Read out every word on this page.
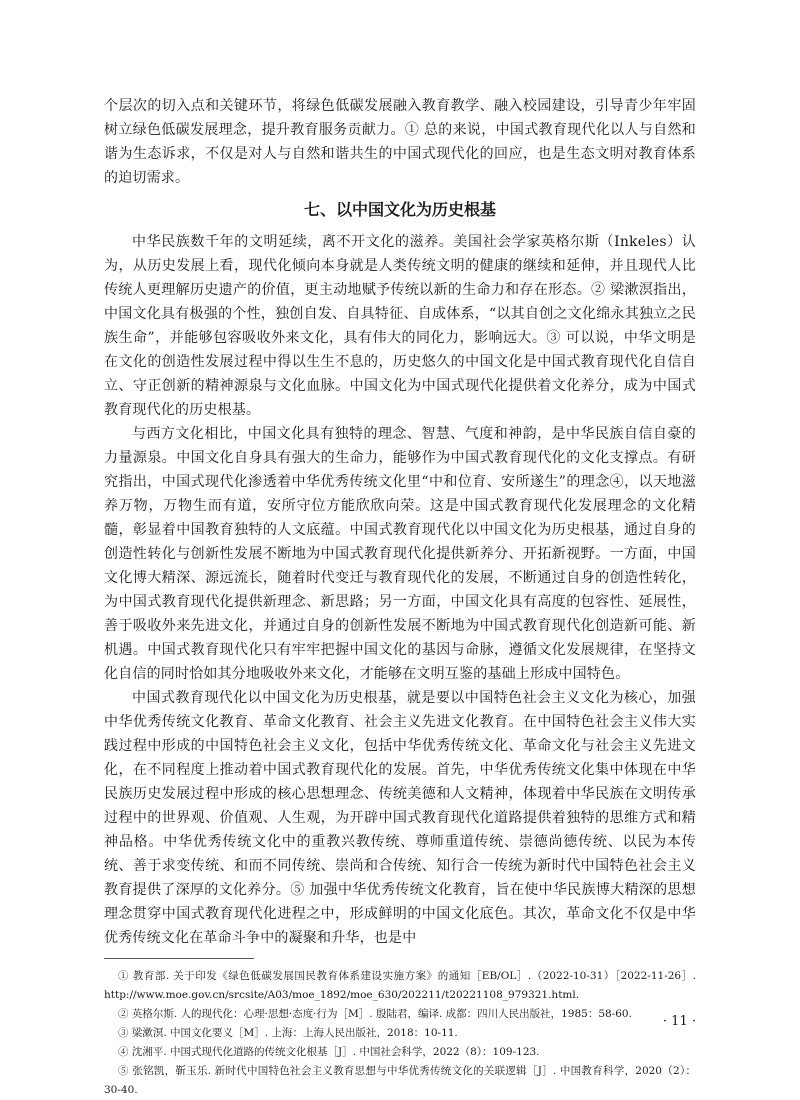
个层次的切入点和关键环节，将绿色低碳发展融入教育教学、融入校园建设，引导青少年牢固树立绿色低碳发展理念，提升教育服务贡献力。① 总的来说，中国式教育现代化以人与自然和谐为生态诉求，不仅是对人与自然和谐共生的中国式现代化的回应，也是生态文明对教育体系的迫切需求。

七、以中国文化为历史根基

中华民族数千年的文明延续，离不开文化的滋养。美国社会学家英格尔斯（Inkeles）认为，从历史发展上看，现代化倾向本身就是人类传统文明的健康的继续和延伸，并且现代人比传统人更理解历史遗产的价值，更主动地赋予传统以新的生命力和存在形态。② 梁漱溟指出，中国文化具有极强的个性，独创自发、自具特征、自成体系，“以其自创之文化绵永其独立之民族生命”，并能够包容吸收外来文化，具有伟大的同化力，影响远大。③ 可以说，中华文明是在文化的创造性发展过程中得以生生不息的，历史悠久的中国文化是中国式教育现代化自信自立、守正创新的精神源泉与文化血脉。中国文化为中国式现代化提供着文化养分，成为中国式教育现代化的历史根基。

与西方文化相比，中国文化具有独特的理念、智慧、气度和神韵，是中华民族自信自豪的力量源泉。中国文化自身具有强大的生命力，能够作为中国式教育现代化的文化支撑点。有研究指出，中国式现代化渗透着中华优秀传统文化里“中和位育、安所遂生”的理念④，以天地滋养万物，万物生而有道，安所守位方能欣欣向荣。这是中国式教育现代化发展理念的文化精髓，彰显着中国教育独特的人文底蕴。中国式教育现代化以中国文化为历史根基，通过自身的创造性转化与创新性发展不断地为中国式教育现代化提供新养分、开拓新视野。一方面，中国文化博大精深、源远流长，随着时代变迁与教育现代化的发展，不断通过自身的创造性转化，为中国式教育现代化提供新理念、新思路；另一方面，中国文化具有高度的包容性、延展性，善于吸收外来先进文化，并通过自身的创新性发展不断地为中国式教育现代化创造新可能、新机遇。中国式教育现代化只有牢牢把握中国文化的基因与命脉，遵循文化发展规律，在坚持文化自信的同时恰如其分地吸收外来文化，才能够在文明互鉴的基础上形成中国特色。

中国式教育现代化以中国文化为历史根基，就是要以中国特色社会主义文化为核心，加强中华优秀传统文化教育、革命文化教育、社会主义先进文化教育。在中国特色社会主义伟大实践过程中形成的中国特色社会主义文化，包括中华优秀传统文化、革命文化与社会主义先进文化，在不同程度上推动着中国式教育现代化的发展。首先，中华优秀传统文化集中体现在中华民族历史发展过程中形成的核心思想理念、传统美德和人文精神，体现着中华民族在文明传承过程中的世界观、价值观、人生观，为开辟中国式教育现代化道路提供着独特的思维方式和精神品格。中华优秀传统文化中的重教兴教传统、尊师重道传统、崇德尚德传统、以民为本传统、善于求变传统、和而不同传统、崇尚和合传统、知行合一传统为新时代中国特色社会主义教育提供了深厚的文化养分。⑤ 加强中华优秀传统文化教育，旨在使中华民族博大精深的思想理念贯穿中国式教育现代化进程之中，形成鲜明的中国文化底色。其次，革命文化不仅是中华优秀传统文化在革命斗争中的凝聚和升华，也是中

① 教育部. 关于印发《绿色低碳发展国民教育体系建设实施方案》的通知［EB/OL］.（2022-10-31）［2022-11-26］. http://www.moe.gov.cn/srcsite/A03/moe_1892/moe_630/202211/t20221108_979321.html.

② 英格尔斯. 人的现代化：心理·思想·态度·行为［M］. 殷陆君，编译. 成都：四川人民出版社，1985：58-60.

③ 梁漱溟. 中国文化要义［M］. 上海：上海人民出版社，2018：10-11.

④ 沈湘平. 中国式现代化道路的传统文化根基［J］. 中国社会科学，2022（8）：109-123.

⑤ 张铭凯，靳玉乐. 新时代中国特色社会主义教育思想与中华优秀传统文化的关联逻辑［J］. 中国教育科学，2020（2）：30-40.

· 11 ·
